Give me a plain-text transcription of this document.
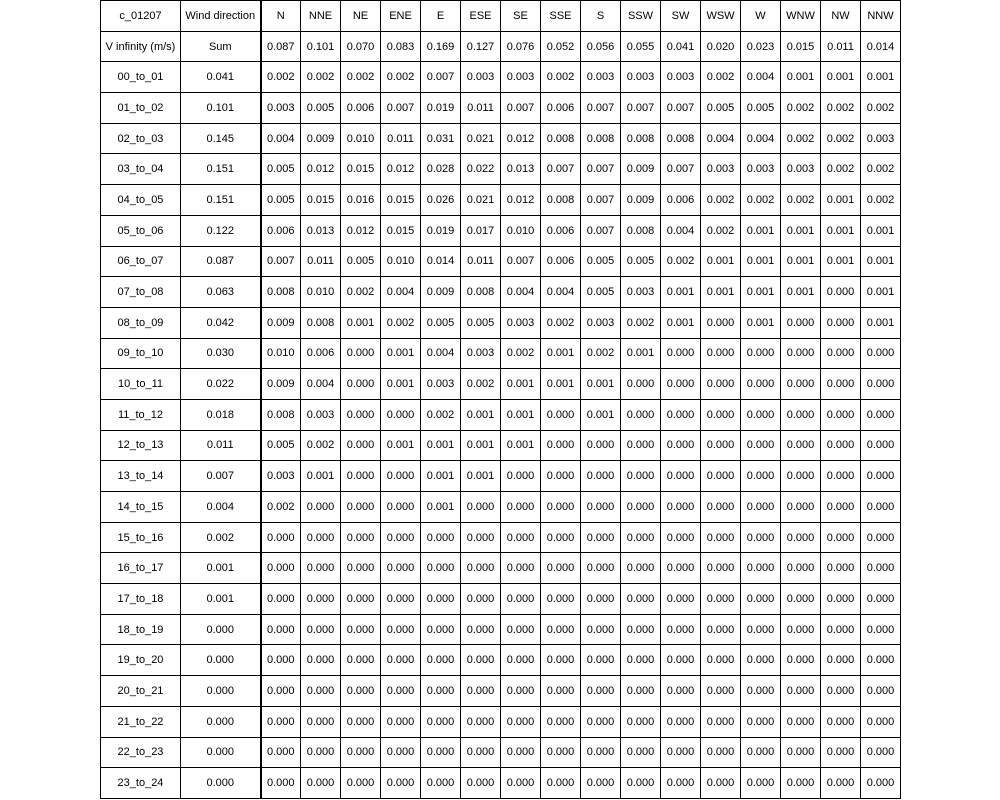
c_01207	Wind direction	N	NNE	NE	ENE	E	ESE	SE	SSE	S	SSW	SW	WSW	W	WNW	NW	NNW
V infinity (m/s)	Sum	0.087	0.101	0.070	0.083	0.169	0.127	0.076	0.052	0.056	0.055	0.041	0.020	0.023	0.015	0.011	0.014
00_to_01	0.041	0.002	0.002	0.002	0.002	0.007	0.003	0.003	0.002	0.003	0.003	0.003	0.002	0.004	0.001	0.001	0.001
01_to_02	0.101	0.003	0.005	0.006	0.007	0.019	0.011	0.007	0.006	0.007	0.007	0.007	0.005	0.005	0.002	0.002	0.002
02_to_03	0.145	0.004	0.009	0.010	0.011	0.031	0.021	0.012	0.008	0.008	0.008	0.008	0.004	0.004	0.002	0.002	0.003
03_to_04	0.151	0.005	0.012	0.015	0.012	0.028	0.022	0.013	0.007	0.007	0.009	0.007	0.003	0.003	0.003	0.002	0.002
04_to_05	0.151	0.005	0.015	0.016	0.015	0.026	0.021	0.012	0.008	0.007	0.009	0.006	0.002	0.002	0.002	0.001	0.002
05_to_06	0.122	0.006	0.013	0.012	0.015	0.019	0.017	0.010	0.006	0.007	0.008	0.004	0.002	0.001	0.001	0.001	0.001
06_to_07	0.087	0.007	0.011	0.005	0.010	0.014	0.011	0.007	0.006	0.005	0.005	0.002	0.001	0.001	0.001	0.001	0.001
07_to_08	0.063	0.008	0.010	0.002	0.004	0.009	0.008	0.004	0.004	0.005	0.003	0.001	0.001	0.001	0.001	0.000	0.001
08_to_09	0.042	0.009	0.008	0.001	0.002	0.005	0.005	0.003	0.002	0.003	0.002	0.001	0.000	0.001	0.000	0.000	0.001
09_to_10	0.030	0.010	0.006	0.000	0.001	0.004	0.003	0.002	0.001	0.002	0.001	0.000	0.000	0.000	0.000	0.000	0.000
10_to_11	0.022	0.009	0.004	0.000	0.001	0.003	0.002	0.001	0.001	0.001	0.000	0.000	0.000	0.000	0.000	0.000	0.000
11_to_12	0.018	0.008	0.003	0.000	0.000	0.002	0.001	0.001	0.000	0.001	0.000	0.000	0.000	0.000	0.000	0.000	0.000
12_to_13	0.011	0.005	0.002	0.000	0.001	0.001	0.001	0.001	0.000	0.000	0.000	0.000	0.000	0.000	0.000	0.000	0.000
13_to_14	0.007	0.003	0.001	0.000	0.000	0.001	0.001	0.000	0.000	0.000	0.000	0.000	0.000	0.000	0.000	0.000	0.000
14_to_15	0.004	0.002	0.000	0.000	0.000	0.001	0.000	0.000	0.000	0.000	0.000	0.000	0.000	0.000	0.000	0.000	0.000
15_to_16	0.002	0.000	0.000	0.000	0.000	0.000	0.000	0.000	0.000	0.000	0.000	0.000	0.000	0.000	0.000	0.000	0.000
16_to_17	0.001	0.000	0.000	0.000	0.000	0.000	0.000	0.000	0.000	0.000	0.000	0.000	0.000	0.000	0.000	0.000	0.000
17_to_18	0.001	0.000	0.000	0.000	0.000	0.000	0.000	0.000	0.000	0.000	0.000	0.000	0.000	0.000	0.000	0.000	0.000
18_to_19	0.000	0.000	0.000	0.000	0.000	0.000	0.000	0.000	0.000	0.000	0.000	0.000	0.000	0.000	0.000	0.000	0.000
19_to_20	0.000	0.000	0.000	0.000	0.000	0.000	0.000	0.000	0.000	0.000	0.000	0.000	0.000	0.000	0.000	0.000	0.000
20_to_21	0.000	0.000	0.000	0.000	0.000	0.000	0.000	0.000	0.000	0.000	0.000	0.000	0.000	0.000	0.000	0.000	0.000
21_to_22	0.000	0.000	0.000	0.000	0.000	0.000	0.000	0.000	0.000	0.000	0.000	0.000	0.000	0.000	0.000	0.000	0.000
22_to_23	0.000	0.000	0.000	0.000	0.000	0.000	0.000	0.000	0.000	0.000	0.000	0.000	0.000	0.000	0.000	0.000	0.000
23_to_24	0.000	0.000	0.000	0.000	0.000	0.000	0.000	0.000	0.000	0.000	0.000	0.000	0.000	0.000	0.000	0.000	0.000
